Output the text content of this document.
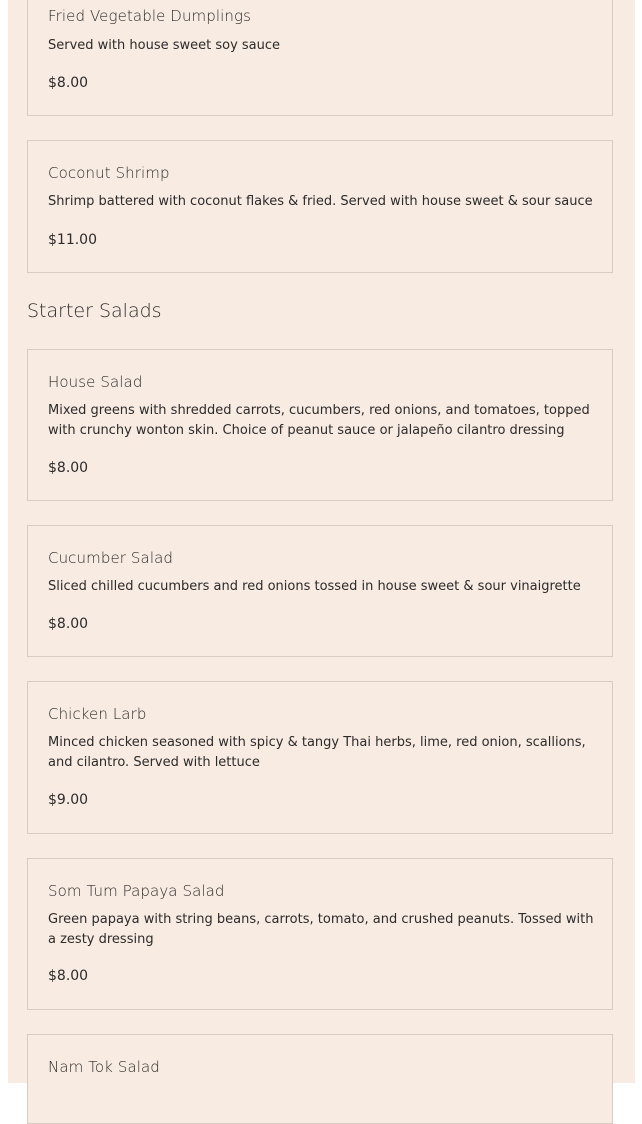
Fried Vegetable Dumplings
Served with house sweet soy sauce
$8.00
Coconut Shrimp
Shrimp battered with coconut flakes & fried. Served with house sweet & sour sauce
$11.00
Starter Salads
House Salad
Mixed greens with shredded carrots, cucumbers, red onions, and tomatoes, topped with crunchy wonton skin. Choice of peanut sauce or jalapeño cilantro dressing
$8.00
Cucumber Salad
Sliced chilled cucumbers and red onions tossed in house sweet & sour vinaigrette
$8.00
Chicken Larb
Minced chicken seasoned with spicy & tangy Thai herbs, lime, red onion, scallions, and cilantro. Served with lettuce
$9.00
Som Tum Papaya Salad
Green papaya with string beans, carrots, tomato, and crushed peanuts. Tossed with a zesty dressing
$8.00
Nam Tok Salad
